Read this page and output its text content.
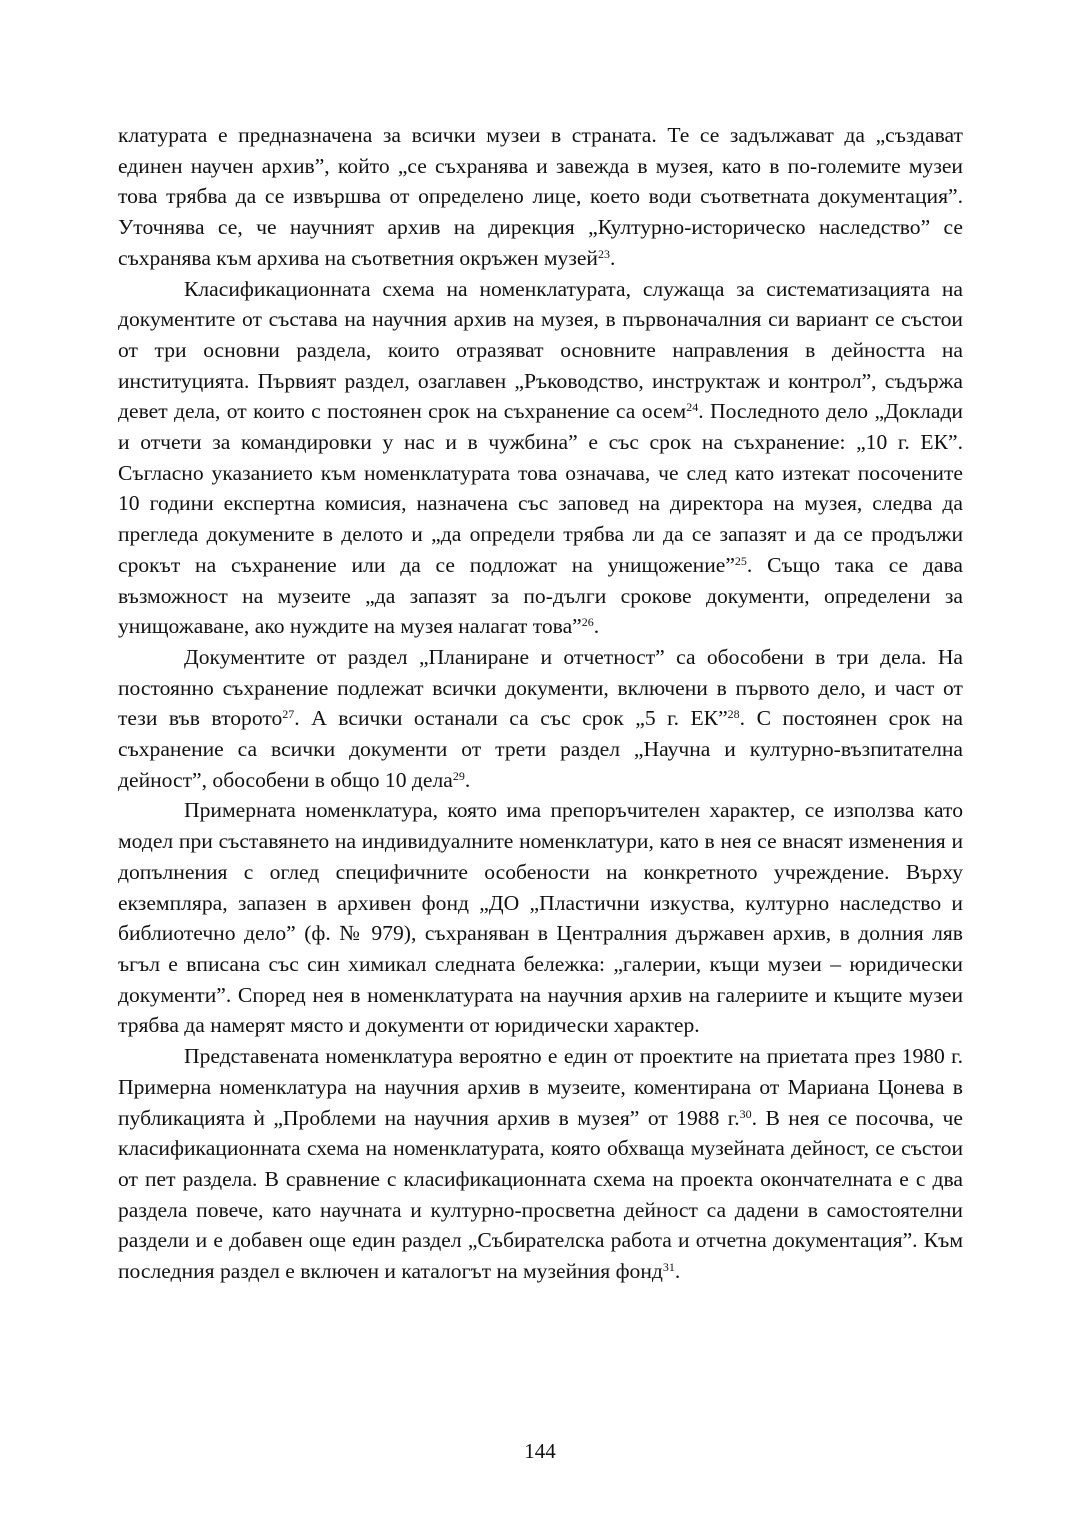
клатурата е предназначена за всички музеи в страната. Те се задължават да „създават единен научен архив”, който „се съхранява и завежда в музея, като в по-големите музеи това трябва да се извършва от определено лице, което води съответната документация”. Уточнява се, че научният архив на дирекция „Културно-историческо наследство” се съхранява към архива на съответния окръжен музей$^{23}$.

Класификационната схема на номенклатурата, служаща за систематизацията на документите от състава на научния архив на музея, в първоначалния си вариант се състои от три основни раздела, които отразяват основните направления в дейността на институцията. Първият раздел, озаглавен „Ръководство, инструктаж и контрол”, съдържа девет дела, от които с постоянен срок на съхранение са осем$^{24}$. Последното дело „Доклади и отчети за командировки у нас и в чужбина” е със срок на съхранение: „10 г. ЕК”. Съгласно указанието към номенклатурата това означава, че след като изтекат посочените 10 години експертна комисия, назначена със заповед на директора на музея, следва да прегледа докумените в делото и „да определи трябва ли да се запазят и да се продължи срокът на съхранение или да се подложат на унищожение”$^{25}$. Също така се дава възможност на музеите „да запазят за по-дълги срокове документи, определени за унищожаване, ако нуждите на музея налагат това”$^{26}$.

Документите от раздел „Планиране и отчетност” са обособени в три дела. На постоянно съхранение подлежат всички документи, включени в първото дело, и част от тези във второто$^{27}$. А всички останали са със срок „5 г. ЕК”$^{28}$. С постоянен срок на съхранение са всички документи от трети раздел „Научна и културно-възпитателна дейност”, обособени в общо 10 дела$^{29}$.

Примерната номенклатура, която има препоръчителен характер, се използва като модел при съставянето на индивидуалните номенклатури, като в нея се внасят изменения и допълнения с оглед специфичните особености на конкретното учреждение. Върху екземпляра, запазен в архивен фонд „ДО „Пластични изкуства, културно наследство и библиотечно дело” (ф. № 979), съхраняван в Централния държавен архив, в долния ляв ъгъл е вписана със син химикал следната бележка: „галерии, къщи музеи – юридически документи”. Според нея в номенклатурата на научния архив на галериите и къщите музеи трябва да намерят място и документи от юридически характер.

Представената номенклатура вероятно е един от проектите на приетата през 1980 г. Примерна номенклатура на научния архив в музеите, коментирана от Мариана Цонева в публикацията ѝ „Проблеми на научния архив в музея” от 1988 г.$^{30}$. В нея се посочва, че класификационната схема на номенклатурата, която обхваща музейната дейност, се състои от пет раздела. В сравнение с класификационната схема на проекта окончателната е с два раздела повече, като научната и културно-просветна дейност са дадени в самостоятелни раздели и е добавен още един раздел „Събирателска работа и отчетна документация”. Към последния раздел е включен и каталогът на музейния фонд$^{31}$.

144
